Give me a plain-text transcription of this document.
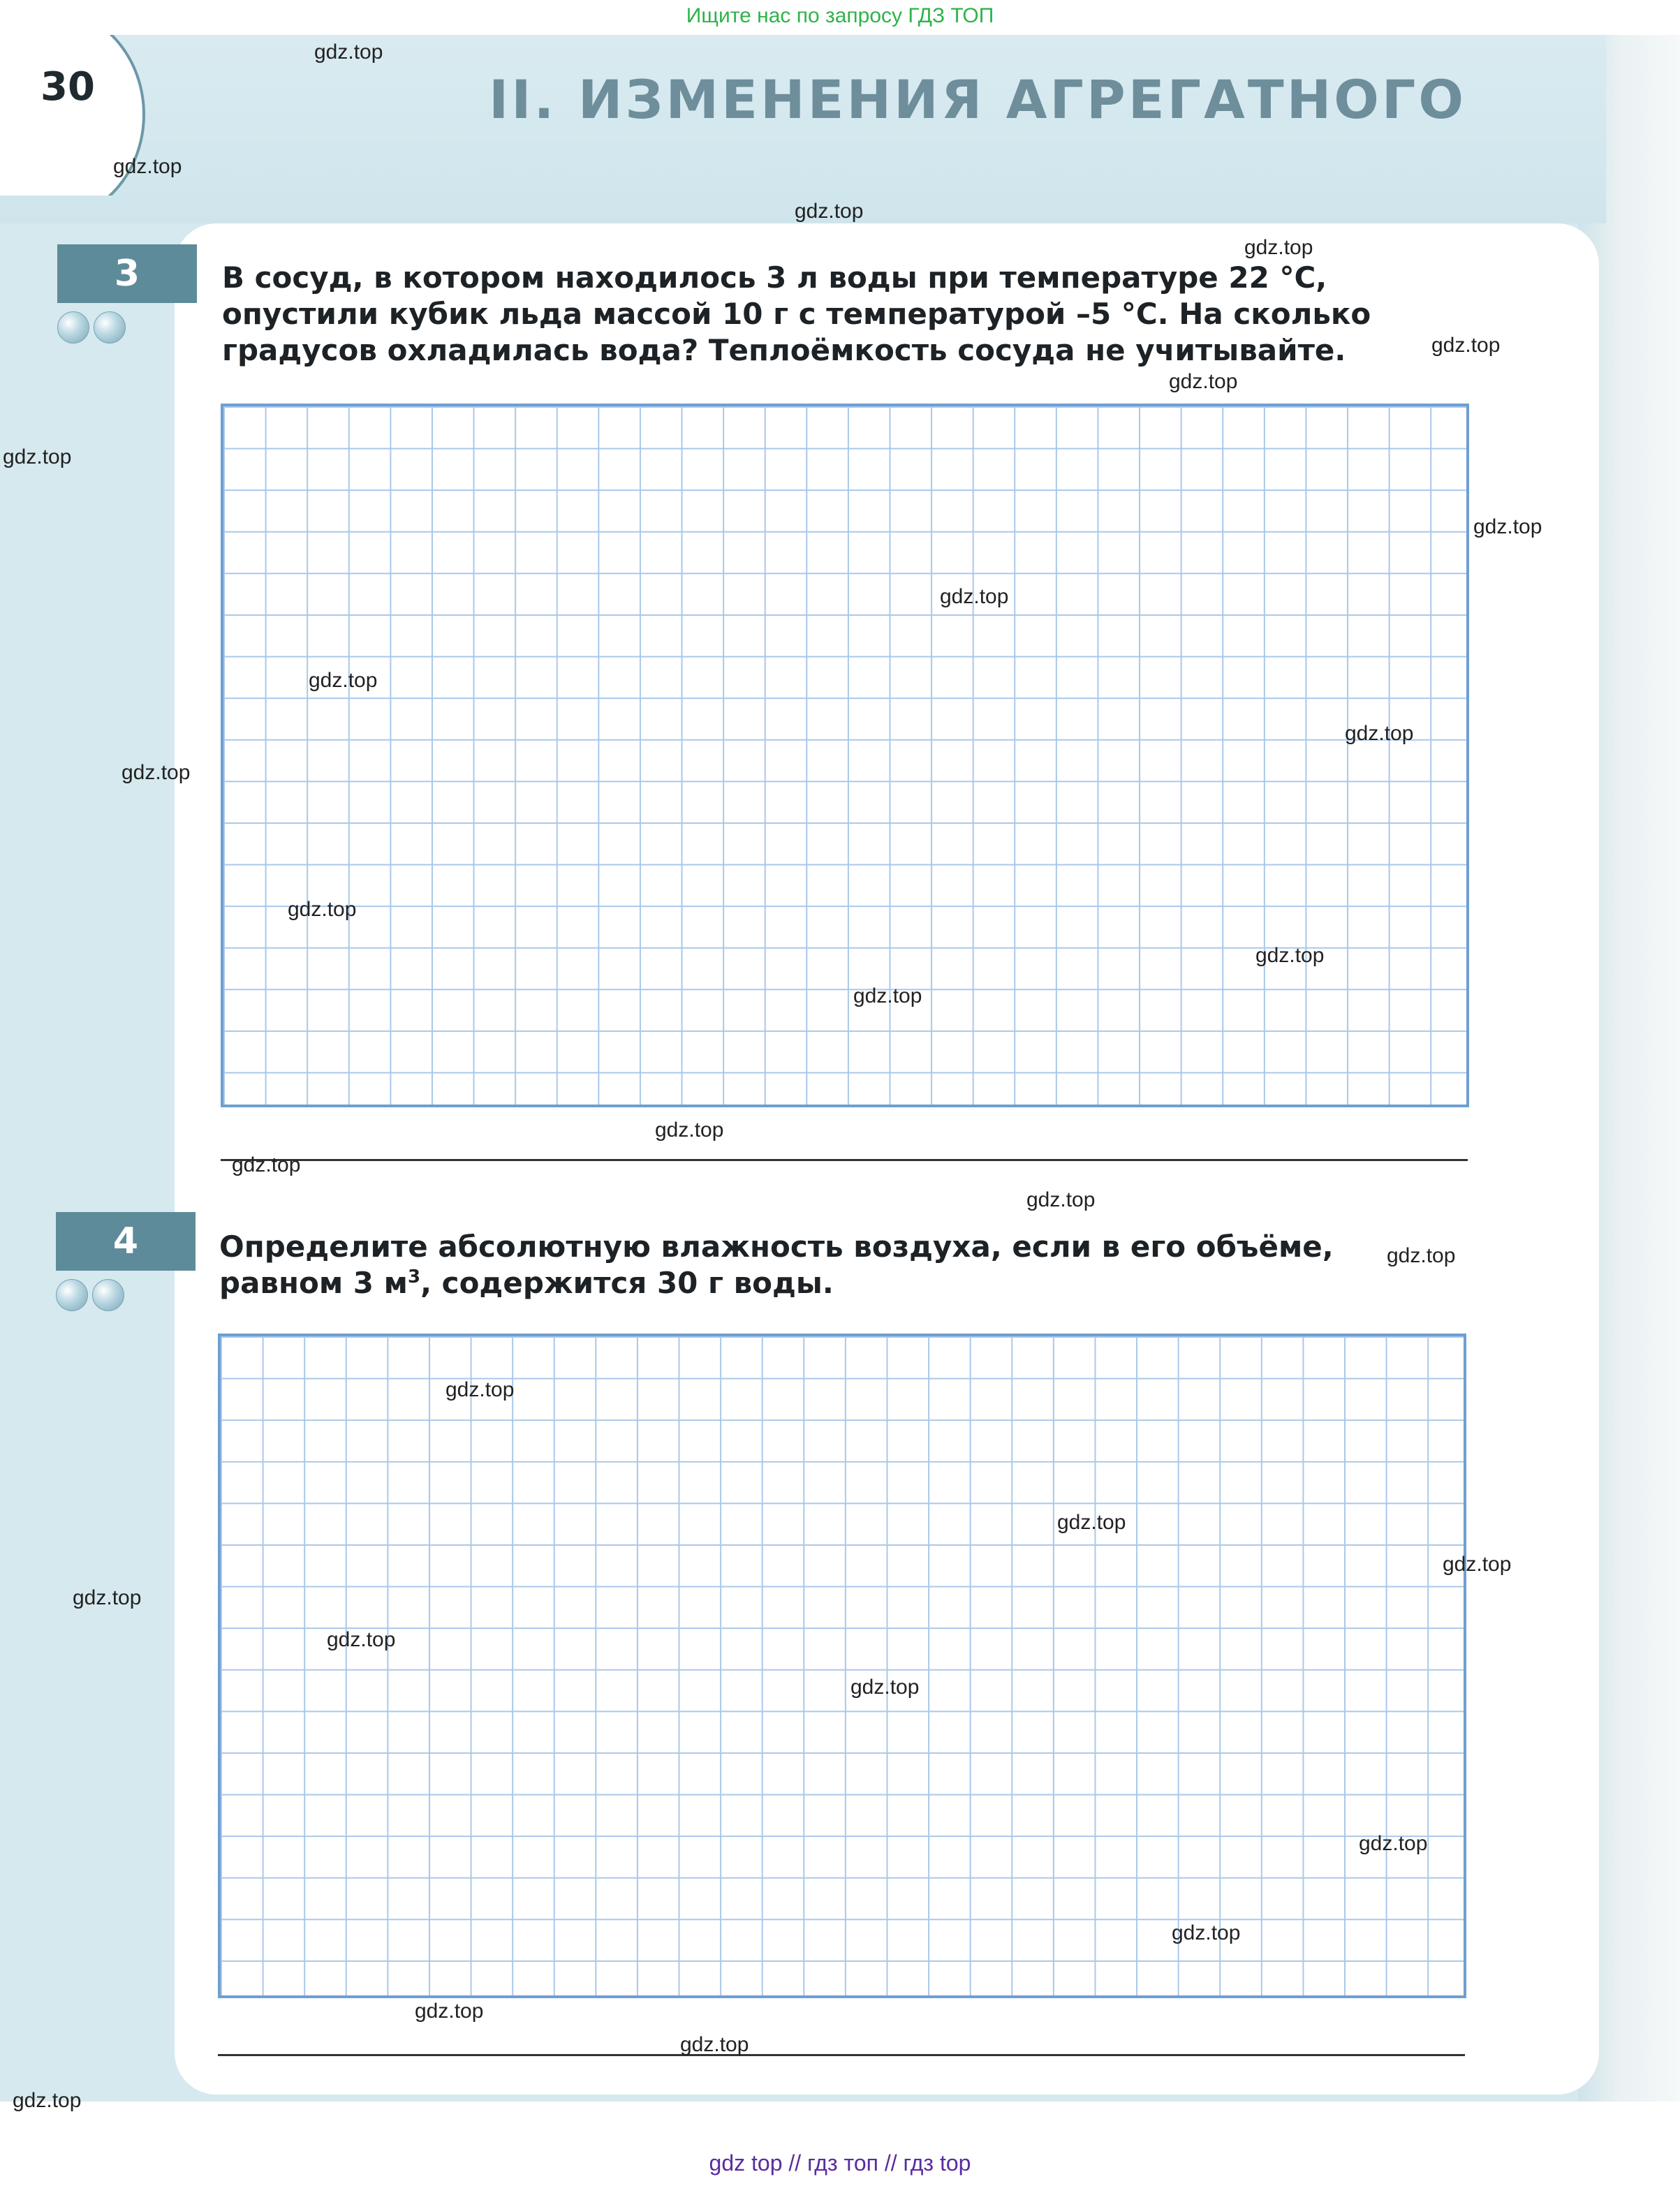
Ищите нас по запросу ГДЗ ТОП
30	II. ИЗМЕНЕНИЯ АГРЕГАТНОГО
3	В сосуд, в котором находилось 3 л воды при температуре 22 °С,
опустили кубик льда массой 10 г с температурой –5 °С. На сколько
градусов охладилась вода? Теплоёмкость сосуда не учитывайте.
4	Определите абсолютную влажность воздуха, если в его объёме,
равном 3 $м^3$, содержится 30 г воды.
gdz.top
gdz.top
gdz.top
gdz.top
gdz.top
gdz.top
gdz.top
gdz.top
gdz.top
gdz.top
gdz.top
gdz.top
gdz.top
gdz.top
gdz.top
gdz.top
gdz.top
gdz.top
gdz.top
gdz.top
gdz.top
gdz.top
gdz.top
gdz.top
gdz.top
gdz.top
gdz.top
gdz.top
gdz.top
gdz.top
gdz top // гдз топ // гдз top
